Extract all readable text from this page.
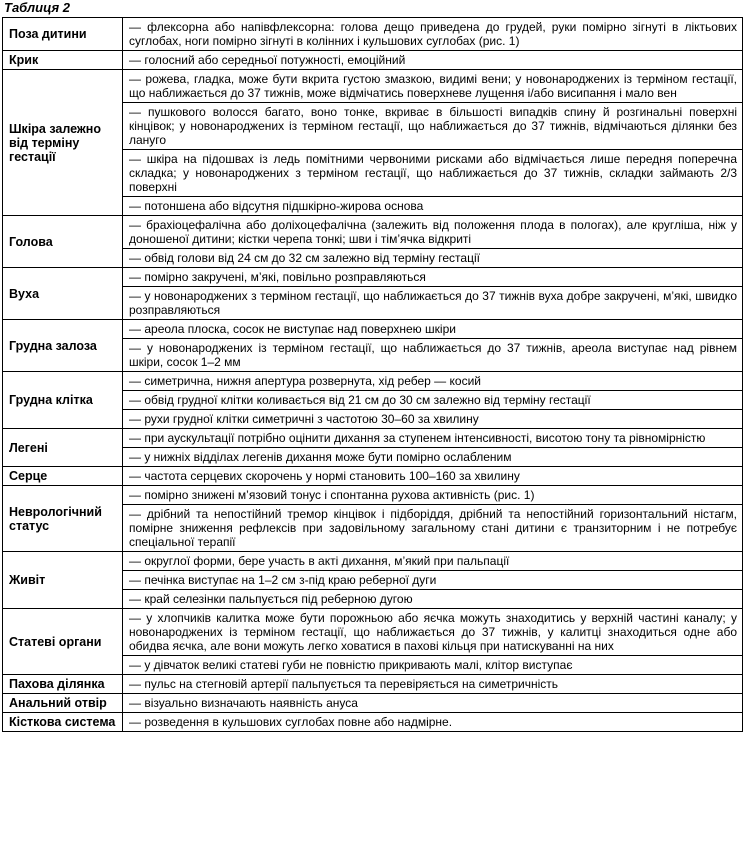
Таблиця 2
Поза дитини	— флексорна або напівфлексорна: голова дещо приведена до грудей, руки помірно зігнуті в ліктьових суглобах, ноги помірно зігнуті в колінних і кульшових суглобах (рис. 1)
Крик	— голосний або середньої потужності, емоційний
Шкіра залежно від терміну гестації	— рожева, гладка, може бути вкрита густою змазкою, видимі вени; у новонароджених із терміном гестації, що наближається до 37 тижнів, може відмічатись поверхневе лущення і/або висипання і мало вен
	— пушкового волосся багато, воно тонке, вкриває в більшості випадків спину й розгинальні поверхні кінцівок; у новонароджених із терміном гестації, що наближається до 37 тижнів, відмічаються ділянки без лануго
	— шкіра на підошвах із ледь помітними червоними рисками або відмічається лише передня поперечна складка; у новонароджених з терміном гестації, що наближається до 37 тижнів, складки займають 2/3 поверхні
	— потоншена або відсутня підшкірно-жирова основа
Голова	— брахіоцефалічна або доліхоцефалічна (залежить від положення плода в пологах), але кругліша, ніж у доношеної дитини; кістки черепа тонкі; шви і тім’ячка відкриті
	— обвід голови від 24 см до 32 см залежно від терміну гестації
Вуха	— помірно закручені, м’які, повільно розправляються
	— у новонароджених з терміном гестації, що наближається до 37 тижнів вуха добре закручені, м’які, швидко розправляються
Грудна залоза	— ареола плоска, сосок не виступає над поверхнею шкіри
	— у новонароджених із терміном гестації, що наближається до 37 тижнів, ареола виступає над рівнем шкіри, сосок 1–2 мм
Грудна клітка	— симетрична, нижня апертура розвернута, хід ребер — косий
	— обвід грудної клітки коливається від 21 см до 30 см залежно від терміну гестації
	— рухи грудної клітки симетричні з частотою 30–60 за хвилину
Легені	— при аускультації потрібно оцінити дихання за ступенем інтенсивності, висотою тону та рівномірністю
	— у нижніх відділах легенів дихання може бути помірно ослабленим
Серце	— частота серцевих скорочень у нормі становить 100–160 за хвилину
Неврологічний статус	— помірно знижені м’язовий тонус і спонтанна рухова активність (рис. 1)
	— дрібний та непостійний тремор кінцівок і підборіддя, дрібний та непостійний горизонтальний ністагм, помірне зниження рефлексів при задовільному загальному стані дитини є транзиторним і не потребує спеціальної терапії
Живіт	— округлої форми, бере участь в акті дихання, м’який при пальпації
	— печінка виступає на 1–2 см з-під краю реберної дуги
	— край селезінки пальпується під реберною дугою
Статеві органи	— у хлопчиків калитка може бути порожньою або яєчка можуть знаходитись у верхній частині каналу; у новонароджених із терміном гестації, що наближається до 37 тижнів, у калитці знаходиться одне або обидва яєчка, але вони можуть легко ховатися в пахові кільця при натискуванні на них
	— у дівчаток великі статеві губи не повністю прикривають малі, клітор виступає
Пахова ділянка	— пульс на стегновій артерії пальпується та перевіряється на симетричність
Анальний отвір	— візуально визначають наявність ануса
Кісткова система	— розведення в кульшових суглобах повне або надмірне.
